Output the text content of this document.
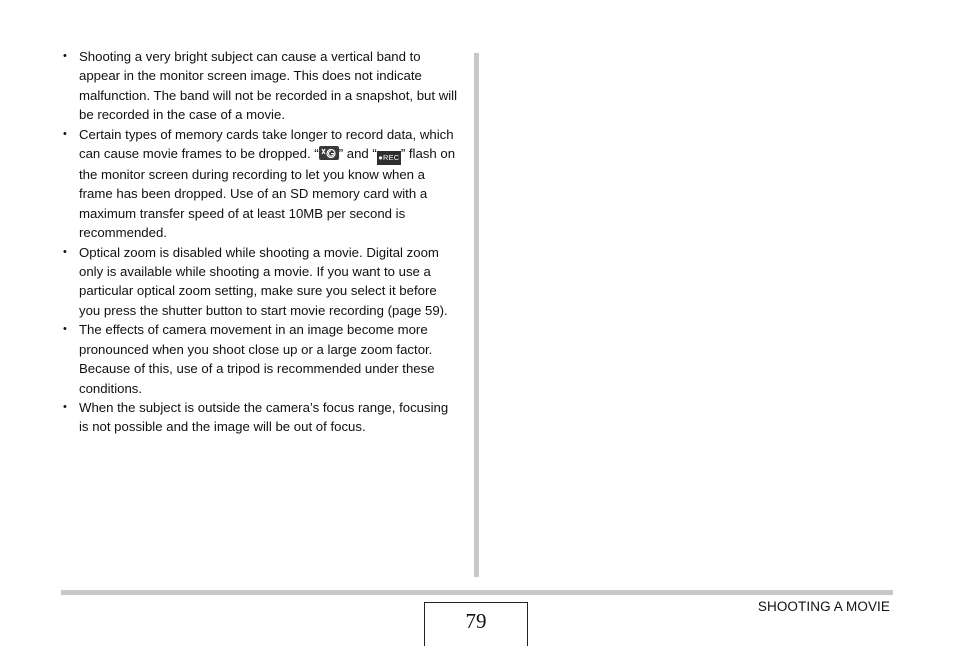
• Shooting a very bright subject can cause a vertical band to appear in the monitor screen image. This does not indicate malfunction. The band will not be recorded in a snapshot, but will be recorded in the case of a movie.
• Certain types of memory cards take longer to record data, which can cause movie frames to be dropped. “ ” and “●REC” flash on the monitor screen during recording to let you know when a frame has been dropped. Use of an SD memory card with a maximum transfer speed of at least 10MB per second is recommended.
• Optical zoom is disabled while shooting a movie. Digital zoom only is available while shooting a movie. If you want to use a particular optical zoom setting, make sure you select it before you press the shutter button to start movie recording (page 59).
• The effects of camera movement in an image become more pronounced when you shoot close up or a large zoom factor. Because of this, use of a tripod is recommended under these conditions.
• When the subject is outside the camera’s focus range, focusing is not possible and the image will be out of focus.
79
SHOOTING A MOVIE
